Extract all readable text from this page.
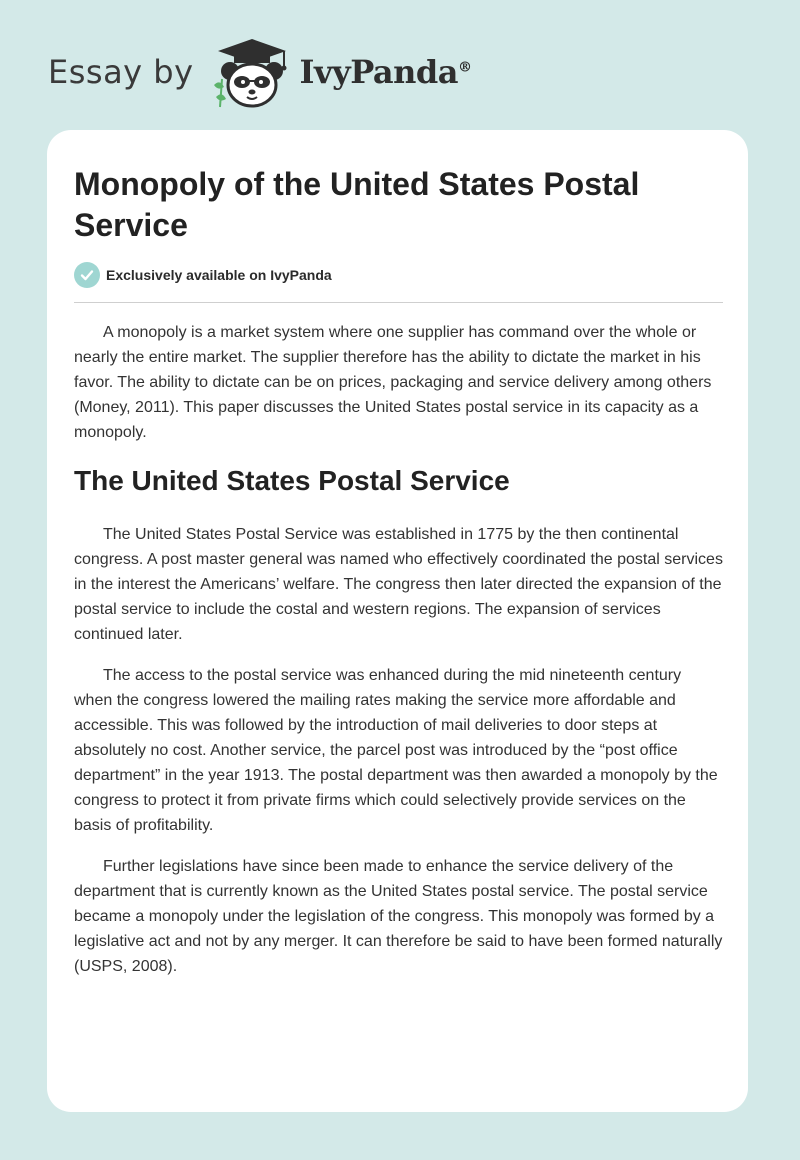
Essay by	IvyPanda®
Monopoly of the United States Postal Service
Exclusively available on IvyPanda

A monopoly is a market system where one supplier has command over the whole or nearly the entire market. The supplier therefore has the ability to dictate the market in his favor. The ability to dictate can be on prices, packaging and service delivery among others (Money, 2011). This paper discusses the United States postal service in its capacity as a monopoly.

The United States Postal Service

The United States Postal Service was established in 1775 by the then continental congress. A post master general was named who effectively coordinated the postal services in the interest the Americans’ welfare. The congress then later directed the expansion of the postal service to include the costal and western regions. The expansion of services continued later.

The access to the postal service was enhanced during the mid nineteenth century when the congress lowered the mailing rates making the service more affordable and accessible. This was followed by the introduction of mail deliveries to door steps at absolutely no cost. Another service, the parcel post was introduced by the “post office department” in the year 1913. The postal department was then awarded a monopoly by the congress to protect it from private firms which could selectively provide services on the basis of profitability.

Further legislations have since been made to enhance the service delivery of the department that is currently known as the United States postal service. The postal service became a monopoly under the legislation of the congress. This monopoly was formed by a legislative act and not by any merger. It can therefore be said to have been formed naturally (USPS, 2008).
